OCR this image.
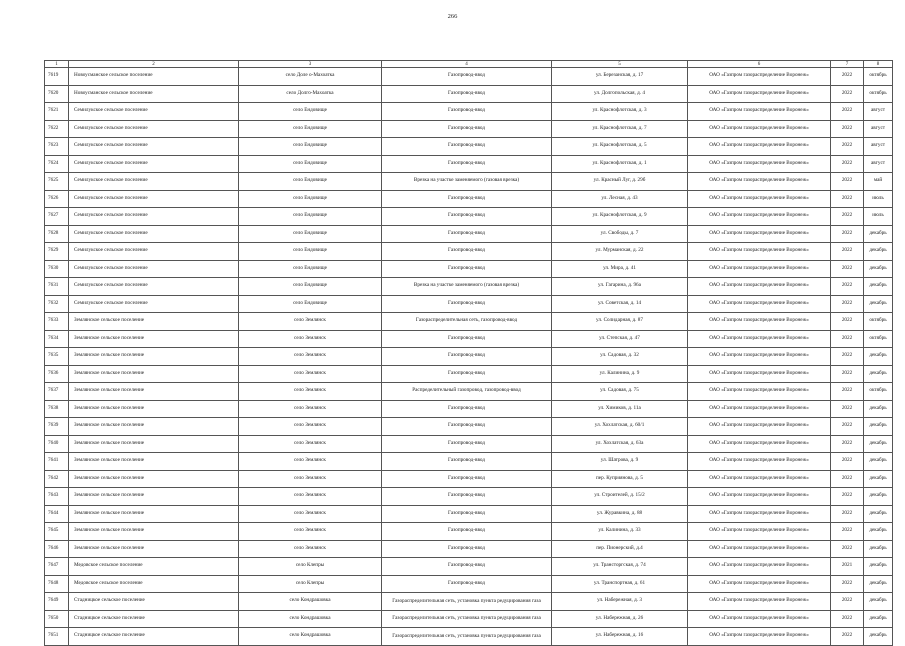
266
1	2	3	4	5	6	7	8
7619	Новоусманское сельское поселение	село Доле о-Махоатка	Газопровод-ввод	ул. Березанская, д. 17	ОАО «Газпром газораспределение Воронеж»	2022	октябрь
7620	Новоусманское сельское поселение	село Долго-Махоатка	Газопровод-ввод	ул. Долгопольская, д. 4	ОАО «Газпром газораспределение Воронеж»	2022	октябрь
7621	Семилукское сельское поселение	село Ендовище	Газопровод-ввод	ул. Краснофлотская, д. 3	ОАО «Газпром газораспределение Воронеж»	2022	август
7622	Семилукское сельское поселение	село Ендовище	Газопровод-ввод	ул. Краснофлотская, д. 7	ОАО «Газпром газораспределение Воронеж»	2022	август
7623	Семилукское сельское поселение	село Ендовище	Газопровод-ввод	ул. Краснофлотская, д. 5	ОАО «Газпром газораспределение Воронеж»	2022	август
7624	Семилукское сельское поселение	село Ендовище	Газопровод-ввод	ул. Краснофлотская, д. 1	ОАО «Газпром газораспределение Воронеж»	2022	август
7625	Семилукское сельское поселение	село Ендовище	Врезка на участке заменяемого (газовая врезка)	ул. Красный Луг, д. 29б	ОАО «Газпром газораспределение Воронеж»	2022	май
7626	Семилукское сельское поселение	село Ендовище	Газопровод-ввод	ул. Лесная, д. 43	ОАО «Газпром газораспределение Воронеж»	2022	июль
7627	Семилукское сельское поселение	село Ендовище	Газопровод-ввод	ул. Краснофлотская, д. 9	ОАО «Газпром газораспределение Воронеж»	2022	июль
7628	Семилукское сельское поселение	село Ендовище	Газопровод-ввод	ул. Свободы, д. 7	ОАО «Газпром газораспределение Воронеж»	2022	декабрь
7629	Семилукское сельское поселение	село Ендовище	Газопровод-ввод	ул. Мурманская, д. 22	ОАО «Газпром газораспределение Воронеж»	2022	декабрь
7630	Семилукское сельское поселение	село Ендовище	Газопровод-ввод	ул. Мира, д. 41	ОАО «Газпром газораспределение Воронеж»	2022	декабрь
7631	Семилукское сельское поселение	село Ендовище	Врезка на участке заменяемого (газовая врезка)	ул. Гагарина, д. 96а	ОАО «Газпром газораспределение Воронеж»	2022	декабрь
7632	Семилукское сельское поселение	село Ендовище	Газопровод-ввод	ул. Советская, д. 14	ОАО «Газпром газораспределение Воронеж»	2022	декабрь
7633	Землянское сельское поселение	село Землянск	Газораспределительная сеть, газопровод-ввод	ул. Солидарная, д. 87	ОАО «Газпром газораспределение Воронеж»	2022	октябрь
7634	Землянское сельское поселение	село Землянск	Газопровод-ввод	ул. Степская, д. 47	ОАО «Газпром газораспределение Воронеж»	2022	октябрь
7635	Землянское сельское поселение	село Землянск	Газопровод-ввод	ул. Садовая, д. 32	ОАО «Газпром газораспределение Воронеж»	2022	декабрь
7636	Землянское сельское поселение	село Землянск	Газопровод-ввод	ул. Калинина, д. 9	ОАО «Газпром газораспределение Воронеж»	2022	декабрь
7637	Землянское сельское поселение	село Землянск	Распределительный газопровод, газопровод-ввод	ул. Садовая, д. 75	ОАО «Газпром газораспределение Воронеж»	2022	октябрь
7638	Землянское сельское поселение	село Землянск	Газопровод-ввод	ул. Химиков, д. 11а	ОАО «Газпром газораспределение Воронеж»	2022	декабрь
7639	Землянское сельское поселение	село Землянск	Газопровод-ввод	ул. Хохлатская, д. 60/1	ОАО «Газпром газораспределение Воронеж»	2022	декабрь
7640	Землянское сельское поселение	село Землянск	Газопровод-ввод	ул. Хохлатская, д. 63а	ОАО «Газпром газораспределение Воронеж»	2022	декабрь
7641	Землянское сельское поселение	село Землянск	Газопровод-ввод	ул. Шатрова, д. 9	ОАО «Газпром газораспределение Воронеж»	2022	декабрь
7642	Землянское сельское поселение	село Землянск	Газопровод-ввод	пер. Куприянова, д. 5	ОАО «Газпром газораспределение Воронеж»	2022	декабрь
7643	Землянское сельское поселение	село Землянск	Газопровод-ввод	ул. Строителей, д. 15/2	ОАО «Газпром газораспределение Воронеж»	2022	декабрь
7644	Землянское сельское поселение	село Землянск	Газопровод-ввод	ул. Журавкина, д. 88	ОАО «Газпром газораспределение Воронеж»	2022	декабрь
7645	Землянское сельское поселение	село Землянск	Газопровод-ввод	ул. Калинина, д. 33	ОАО «Газпром газораспределение Воронеж»	2022	декабрь
7646	Землянское сельское поселение	село Землянск	Газопровод-ввод	пер. Пионерский, д.4	ОАО «Газпром газораспределение Воронеж»	2022	декабрь
7647	Медовское сельское поселение	село Клепры	Газопровод-ввод	ул. Трансторгская, д. 74	ОАО «Газпром газораспределение Воронеж»	2021	декабрь
7648	Медовское сельское поселение	село Клепры	Газопровод-ввод	ул. Транспортная, д. 61	ОАО «Газпром газораспределение Воронеж»	2022	декабрь
7649	Стадницкое сельское поселение	село Кондрашовка	Газораспределительная сеть, установка пункта редуцирования газа	ул. Набережная, д. 3	ОАО «Газпром газораспределение Воронеж»	2022	декабрь
7650	Стадницкое сельское поселение	село Кондрашовка	Газораспределительная сеть, установка пункта редуцирования газа	ул. Набережная, д. 26	ОАО «Газпром газораспределение Воронеж»	2022	декабрь
7651	Стадницкое сельское поселение	село Кондрашовка	Газораспределительная сеть, установка пункта редуцирования газа	ул. Набережная, д. 16	ОАО «Газпром газораспределение Воронеж»	2022	декабрь
